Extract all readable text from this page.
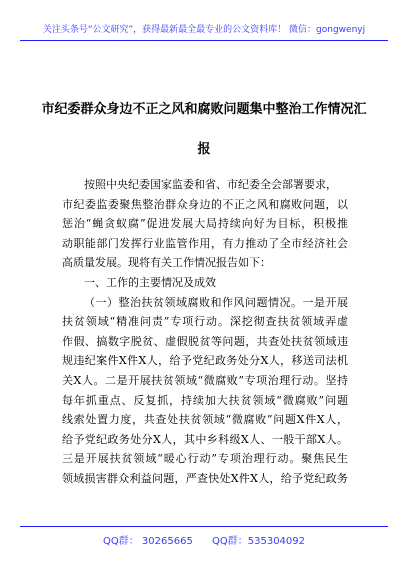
关注头条号“公文研究”，获得最新最全最专业的公文资料库！ 微信：gongwenyj
市纪委群众身边不正之风和腐败问题集中整治工作情况汇
报
按照中央纪委国家监委和省、市纪委全会部署要求，
市纪委监委聚焦整治群众身边的不正之风和腐败问题，以
惩治“蝇贪蚁腐”促进发展大局持续向好为目标，积极推
动职能部门发挥行业监管作用，有力推动了全市经济社会
高质量发展。现将有关工作情况报告如下：
一、工作的主要情况及成效
（一）整治扶贫领域腐败和作风问题情况。一是开展
扶贫领域“精准问责”专项行动。深挖彻查扶贫领域弄虚
作假、搞数字脱贫、虚假脱贫等问题，共查处扶贫领域违
规违纪案件X件X人，给予党纪政务处分X人，移送司法机
关X人。二是开展扶贫领域“微腐败”专项治理行动。坚持
每年抓重点、反复抓，持续加大扶贫领域“微腐败”问题
线索处置力度，共查处扶贫领域“微腐败”问题X件X人，
给予党纪政务处分X人，其中乡科级X人、一般干部X人。
三是开展扶贫领域“暖心行动”专项治理行动。聚焦民生
领域损害群众利益问题，严查快处X件X人，给予党纪政务
QQ群： 30265665 QQ群：535304092
